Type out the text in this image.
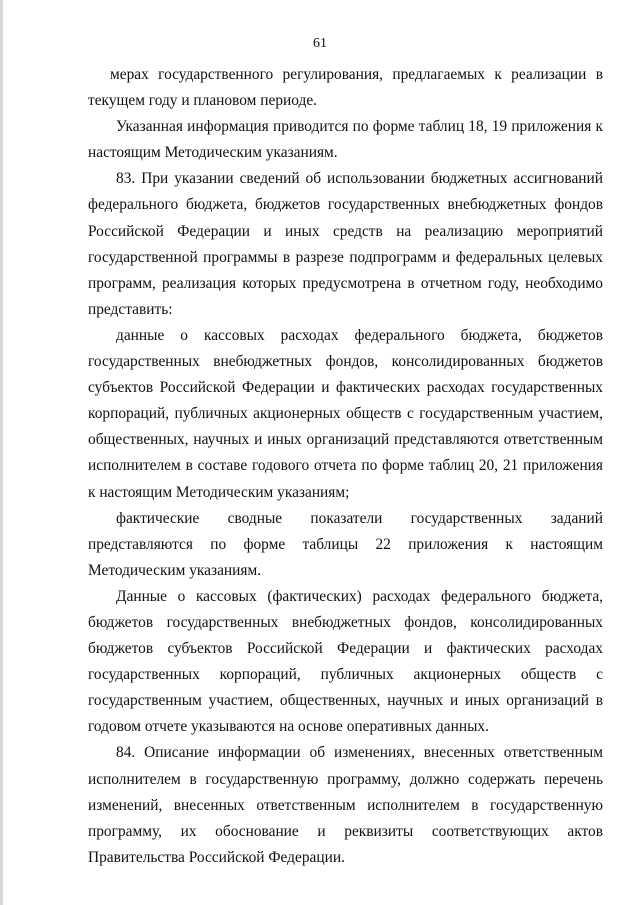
61

мерах государственного регулирования, предлагаемых к реализации в текущем году и плановом периоде.

Указанная информация приводится по форме таблиц 18, 19 приложения к настоящим Методическим указаниям.

83. При указании сведений об использовании бюджетных ассигнований федерального бюджета, бюджетов государственных внебюджетных фондов Российской Федерации и иных средств на реализацию мероприятий государственной программы в разрезе подпрограмм и федеральных целевых программ, реализация которых предусмотрена в отчетном году, необходимо представить:

данные о кассовых расходах федерального бюджета, бюджетов государственных внебюджетных фондов, консолидированных бюджетов субъектов Российской Федерации и фактических расходах государственных корпораций, публичных акционерных обществ с государственным участием, общественных, научных и иных организаций представляются ответственным исполнителем в составе годового отчета по форме таблиц 20, 21 приложения к настоящим Методическим указаниям;

фактические сводные показатели государственных заданий представляются по форме таблицы 22 приложения к настоящим Методическим указаниям.

Данные о кассовых (фактических) расходах федерального бюджета, бюджетов государственных внебюджетных фондов, консолидированных бюджетов субъектов Российской Федерации и фактических расходах государственных корпораций, публичных акционерных обществ с государственным участием, общественных, научных и иных организаций в годовом отчете указываются на основе оперативных данных.

84. Описание информации об изменениях, внесенных ответственным исполнителем в государственную программу, должно содержать перечень изменений, внесенных ответственным исполнителем в государственную программу, их обоснование и реквизиты соответствующих актов Правительства Российской Федерации.
